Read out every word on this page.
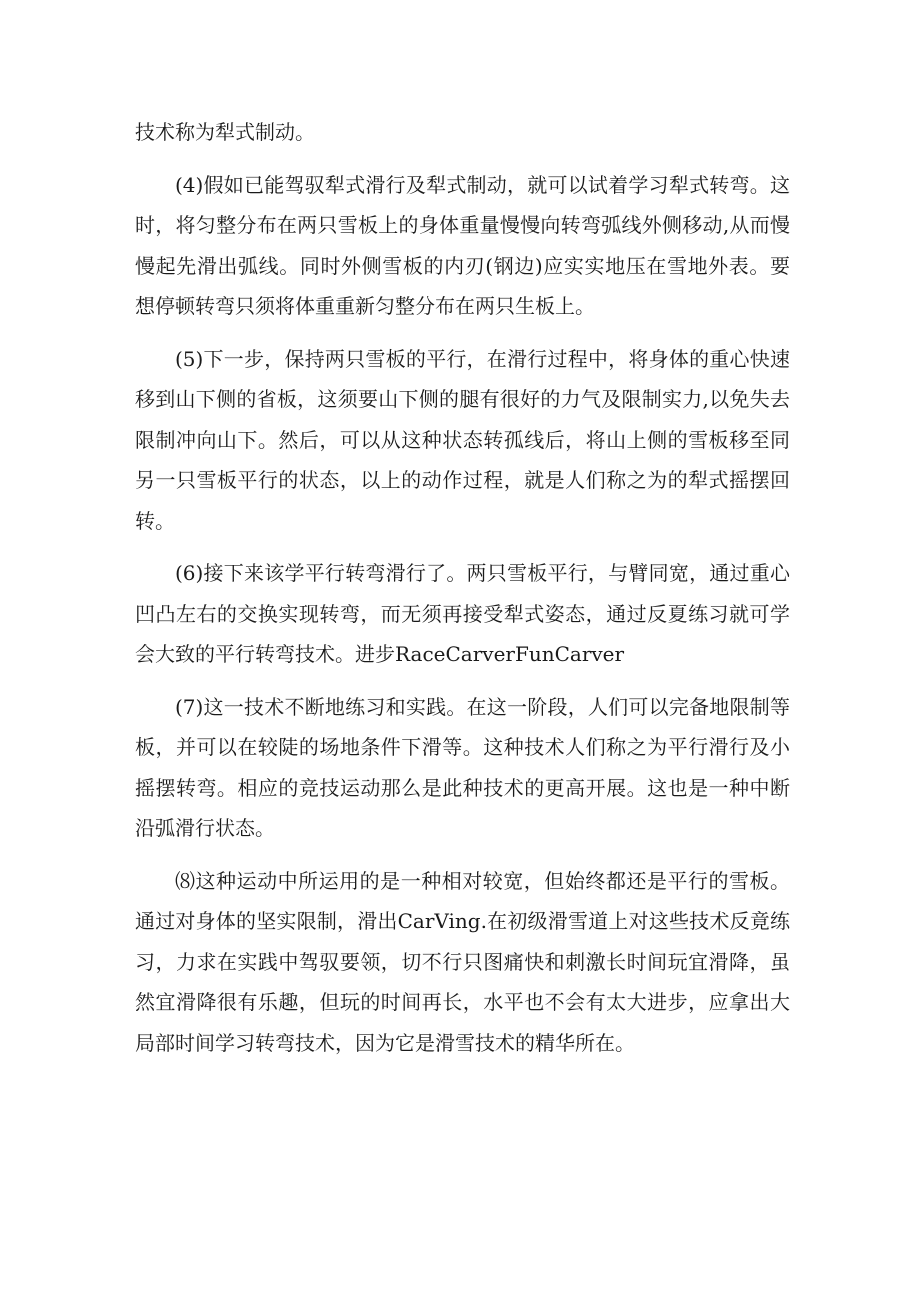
技术称为犁式制动。

(4)假如已能驾驭犁式滑行及犁式制动，就可以试着学习犁式转弯。这时，将匀整分布在两只雪板上的身体重量慢慢向转弯弧线外侧移动,从而慢慢起先滑出弧线。同时外侧雪板的内刃(钢边)应实实地压在雪地外表。要想停顿转弯只须将体重重新匀整分布在两只生板上。

(5)下一步，保持两只雪板的平行，在滑行过程中，将身体的重心快速移到山下侧的省板，这须要山下侧的腿有很好的力气及限制实力,以免失去限制冲向山下。然后，可以从这种状态转孤线后，将山上侧的雪板移至同另一只雪板平行的状态，以上的动作过程，就是人们称之为的犁式摇摆回转。

(6)接下来该学平行转弯滑行了。两只雪板平行，与臂同宽，通过重心凹凸左右的交换实现转弯，而无须再接受犁式姿态，通过反夏练习就可学会大致的平行转弯技术。进步RaceCarverFunCarver

(7)这一技术不断地练习和实践。在这一阶段，人们可以完备地限制等板，并可以在较陡的场地条件下滑等。这种技术人们称之为平行滑行及小摇摆转弯。相应的竞技运动那么是此种技术的更高开展。这也是一种中断沿弧滑行状态。

⑻这种运动中所运用的是一种相对较宽，但始终都还是平行的雪板。通过对身体的坚实限制，滑出CarVing.在初级滑雪道上对这些技术反竟练习，力求在实践中驾驭要领，切不行只图痛快和刺激长时间玩宜滑降，虽然宜滑降很有乐趣，但玩的时间再长，水平也不会有太大进步，应拿出大局部时间学习转弯技术，因为它是滑雪技术的精华所在。
